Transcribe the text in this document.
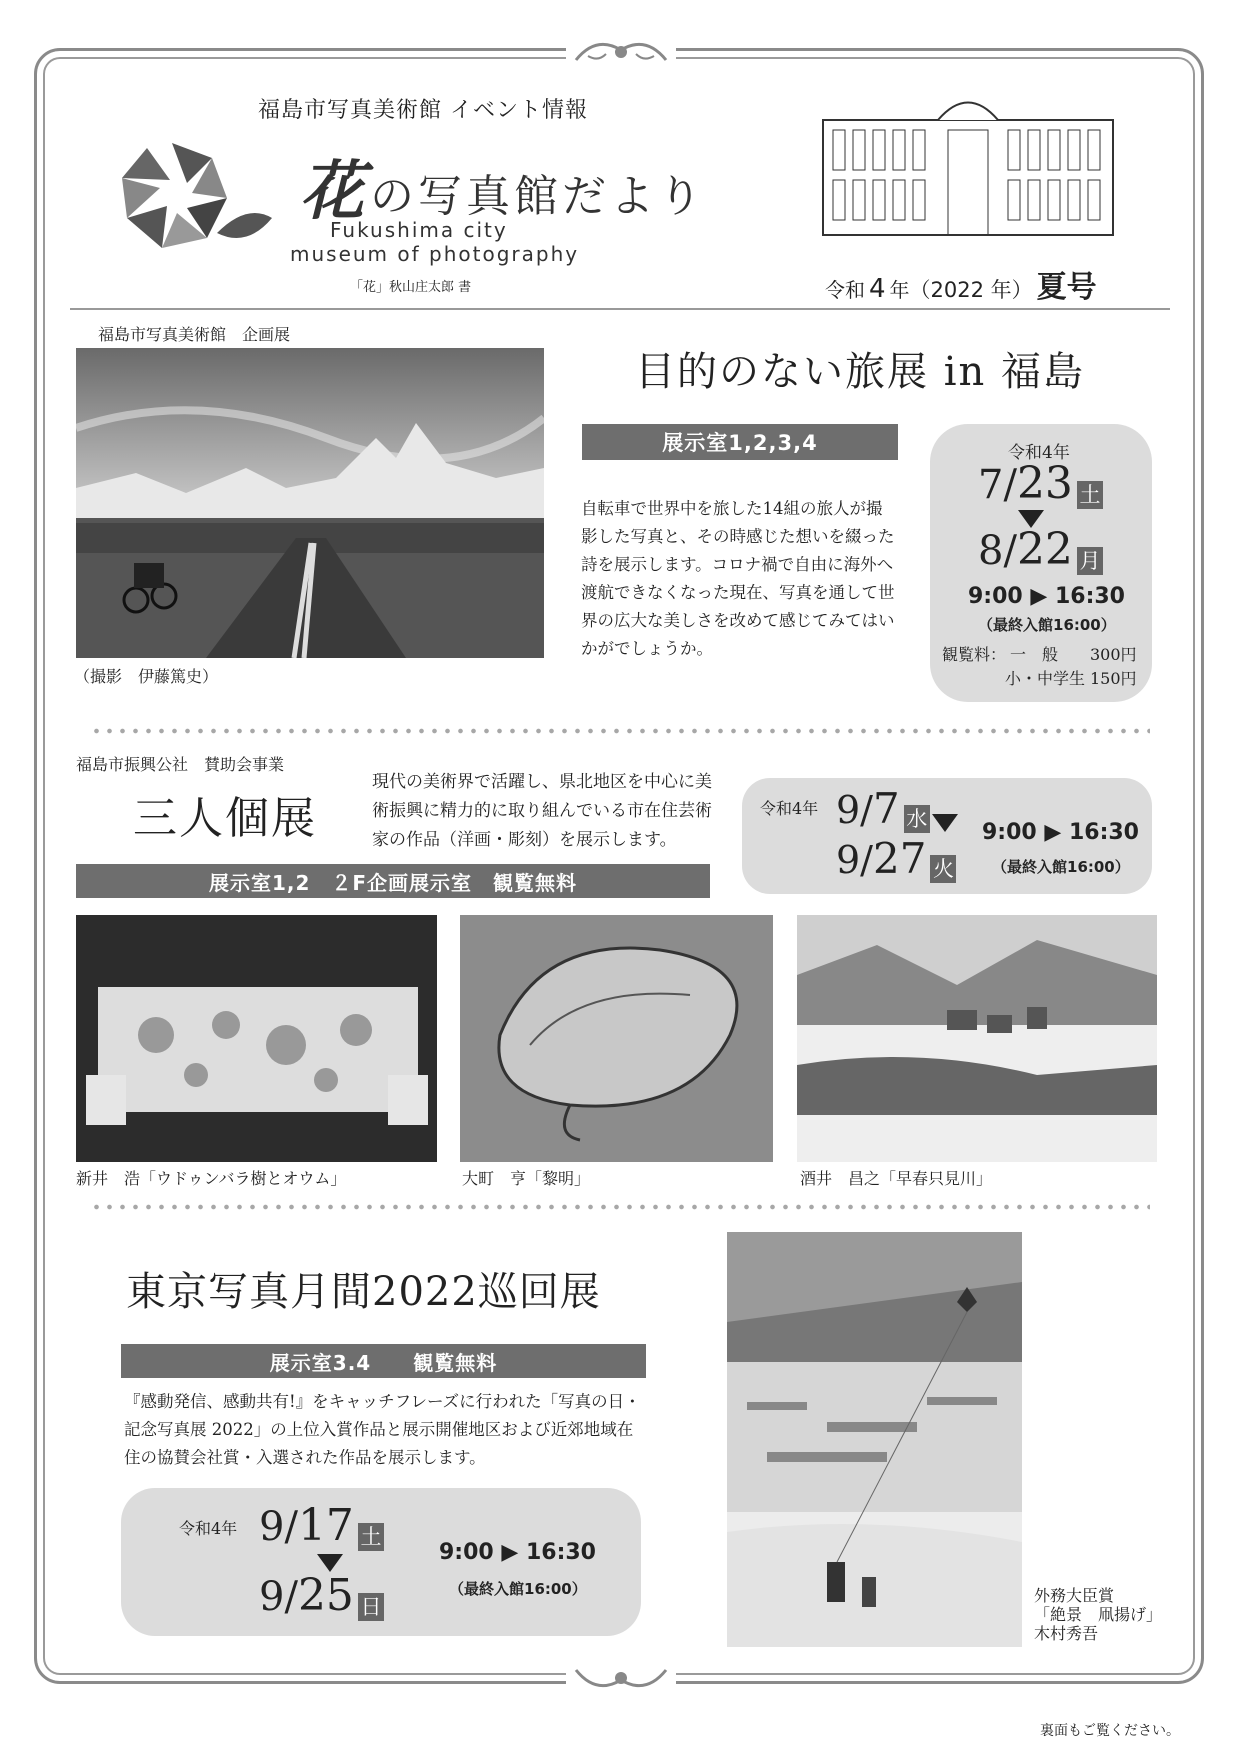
福島市写真美術館 イベント情報
花 の写真館だより
Fukushima city
museum of photography
「花」秋山庄太郎 書	令和 4 年（2022 年） 夏号
福島市写真美術館　企画展
（撮影　伊藤篤史）
目的のない旅展 in 福島
展示室1,2,3,4
自転車で世界中を旅した14組の旅人が撮影した写真と、その時感じた想いを綴った詩を展示します。コロナ禍で自由に海外へ渡航できなくなった現在、写真を通して世界の広大な美しさを改めて感じてみてはいかがでしょうか。
令和4年
7/23 土
8/22 月
9:00 ▶ 16:30
（最終入館16:00）
観覧料： 一　般 300円
小・中学生 150円
福島市振興公社　賛助会事業
三人個展
現代の美術界で活躍し、県北地区を中心に美術振興に精力的に取り組んでいる市在住芸術家の作品（洋画・彫刻）を展示します。
展示室1,2　２F企画展示室　観覧無料
令和4年 9/7 水
9/27 火
9:00 ▶ 16:30
（最終入館16:00）
新井　浩「ウドゥンバラ樹とオウム」	大町　亨「黎明」	酒井　昌之「早春只見川」
東京写真月間2022巡回展
展示室3.4　　観覧無料
『感動発信、感動共有!』をキャッチフレーズに行われた「写真の日・記念写真展 2022」の上位入賞作品と展示開催地区および近郊地域在住の協賛会社賞・入選された作品を展示します。
令和4年 9/17 土
9/25 日
9:00 ▶ 16:30
（最終入館16:00）	外務大臣賞
「絶景　凧揚げ」
木村秀吾
裏面もご覧ください。
